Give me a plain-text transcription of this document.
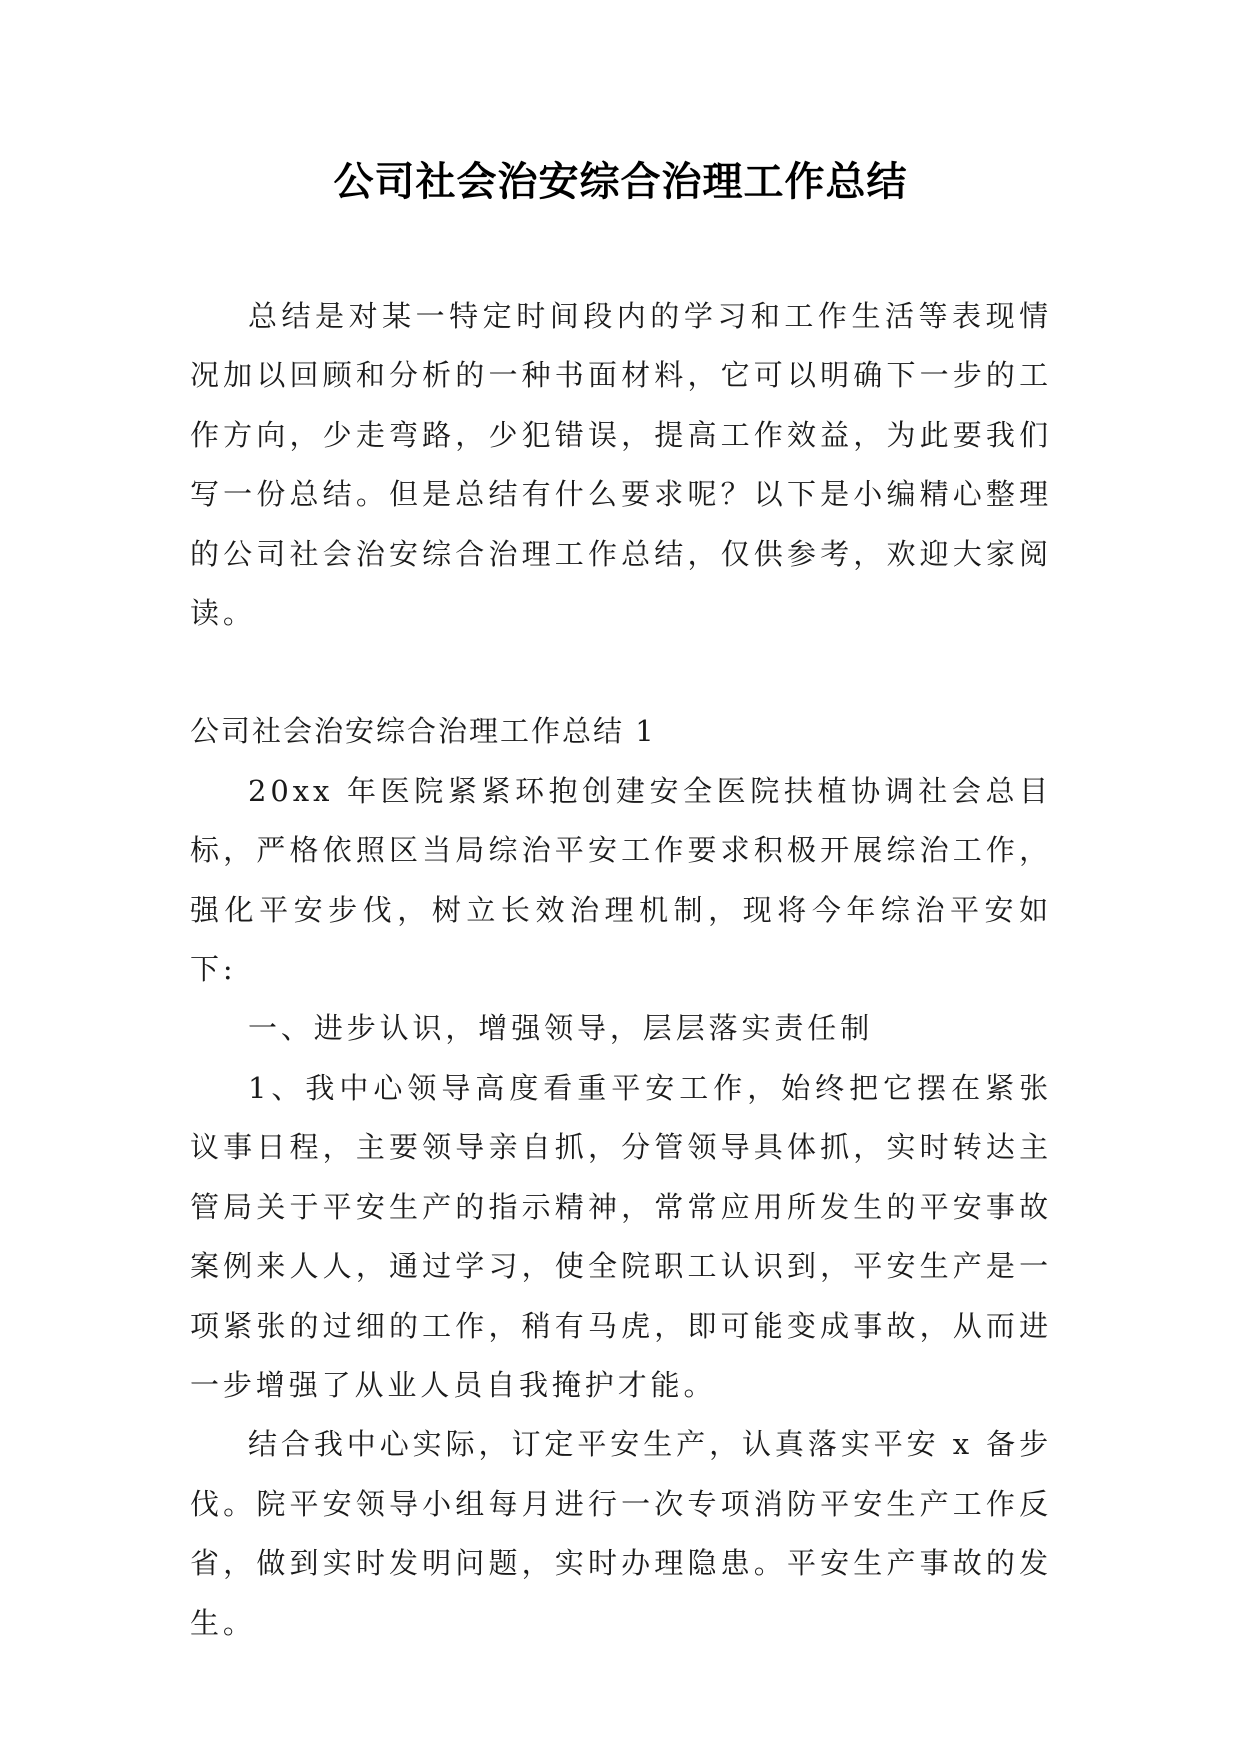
公司社会治安综合治理工作总结

总结是对某一特定时间段内的学习和工作生活等表现情况加以回顾和分析的一种书面材料，它可以明确下一步的工作方向，少走弯路，少犯错误，提高工作效益，为此要我们写一份总结。但是总结有什么要求呢？以下是小编精心整理的公司社会治安综合治理工作总结，仅供参考，欢迎大家阅读。

公司社会治安综合治理工作总结 1

20xx 年医院紧紧环抱创建安全医院扶植协调社会总目标，严格依照区当局综治平安工作要求积极开展综治工作，强化平安步伐，树立长效治理机制，现将今年综治平安如下:

一、进步认识，增强领导，层层落实责任制

1、我中心领导高度看重平安工作，始终把它摆在紧张议事日程，主要领导亲自抓，分管领导具体抓，实时转达主管局关于平安生产的指示精神，常常应用所发生的平安事故案例来人人，通过学习，使全院职工认识到，平安生产是一项紧张的过细的工作，稍有马虎，即可能变成事故，从而进一步增强了从业人员自我掩护才能。

结合我中心实际，订定平安生产，认真落实平安 x 备步伐。院平安领导小组每月进行一次专项消防平安生产工作反省，做到实时发明问题，实时办理隐患。平安生产事故的发生。
